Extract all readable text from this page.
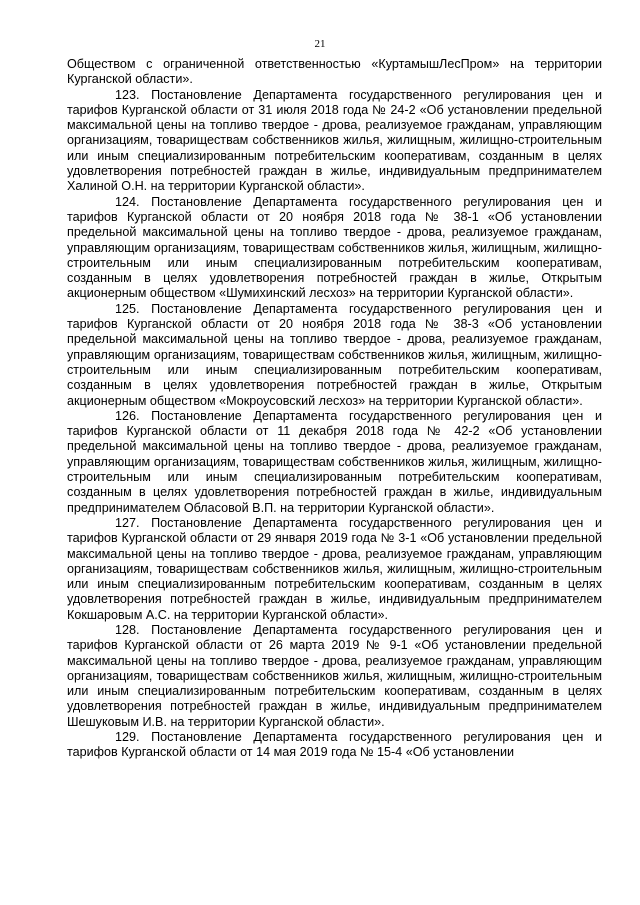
21

Обществом с ограниченной ответственностью «КуртамышЛесПром» на территории Курганской области».

123. Постановление Департамента государственного регулирования цен и тарифов Курганской области от 31 июля 2018 года № 24-2 «Об установлении предельной максимальной цены на топливо твердое - дрова, реализуемое гражданам, управляющим организациям, товариществам собственников жилья, жилищным, жилищно-строительным или иным специализированным потребительским кооперативам, созданным в целях удовлетворения потребностей граждан в жилье, индивидуальным предпринимателем Халиной О.Н. на территории Курганской области».

124. Постановление Департамента государственного регулирования цен и тарифов Курганской области от 20 ноября 2018 года № 38-1 «Об установлении предельной максимальной цены на топливо твердое - дрова, реализуемое гражданам, управляющим организациям, товариществам собственников жилья, жилищным, жилищно-строительным или иным специализированным потребительским кооперативам, созданным в целях удовлетворения потребностей граждан в жилье, Открытым акционерным обществом «Шумихинский лесхоз» на территории Курганской области».

125. Постановление Департамента государственного регулирования цен и тарифов Курганской области от 20 ноября 2018 года № 38-3 «Об установлении предельной максимальной цены на топливо твердое - дрова, реализуемое гражданам, управляющим организациям, товариществам собственников жилья, жилищным, жилищно-строительным или иным специализированным потребительским кооперативам, созданным в целях удовлетворения потребностей граждан в жилье, Открытым акционерным обществом «Мокроусовский лесхоз» на территории Курганской области».

126. Постановление Департамента государственного регулирования цен и тарифов Курганской области от 11 декабря 2018 года № 42-2 «Об установлении предельной максимальной цены на топливо твердое - дрова, реализуемое гражданам, управляющим организациям, товариществам собственников жилья, жилищным, жилищно-строительным или иным специализированным потребительским кооперативам, созданным в целях удовлетворения потребностей граждан в жилье, индивидуальным предпринимателем Обласовой В.П. на территории Курганской области».

127. Постановление Департамента государственного регулирования цен и тарифов Курганской области от 29 января 2019 года № 3-1 «Об установлении предельной максимальной цены на топливо твердое - дрова, реализуемое гражданам, управляющим организациям, товариществам собственников жилья, жилищным, жилищно-строительным или иным специализированным потребительским кооперативам, созданным в целях удовлетворения потребностей граждан в жилье, индивидуальным предпринимателем Кокшаровым А.С. на территории Курганской области».

128. Постановление Департамента государственного регулирования цен и тарифов Курганской области от 26 марта 2019 № 9-1 «Об установлении предельной максимальной цены на топливо твердое - дрова, реализуемое гражданам, управляющим организациям, товариществам собственников жилья, жилищным, жилищно-строительным или иным специализированным потребительским кооперативам, созданным в целях удовлетворения потребностей граждан в жилье, индивидуальным предпринимателем Шешуковым И.В. на территории Курганской области».

129. Постановление Департамента государственного регулирования цен и тарифов Курганской области от 14 мая 2019 года № 15-4 «Об установлении
